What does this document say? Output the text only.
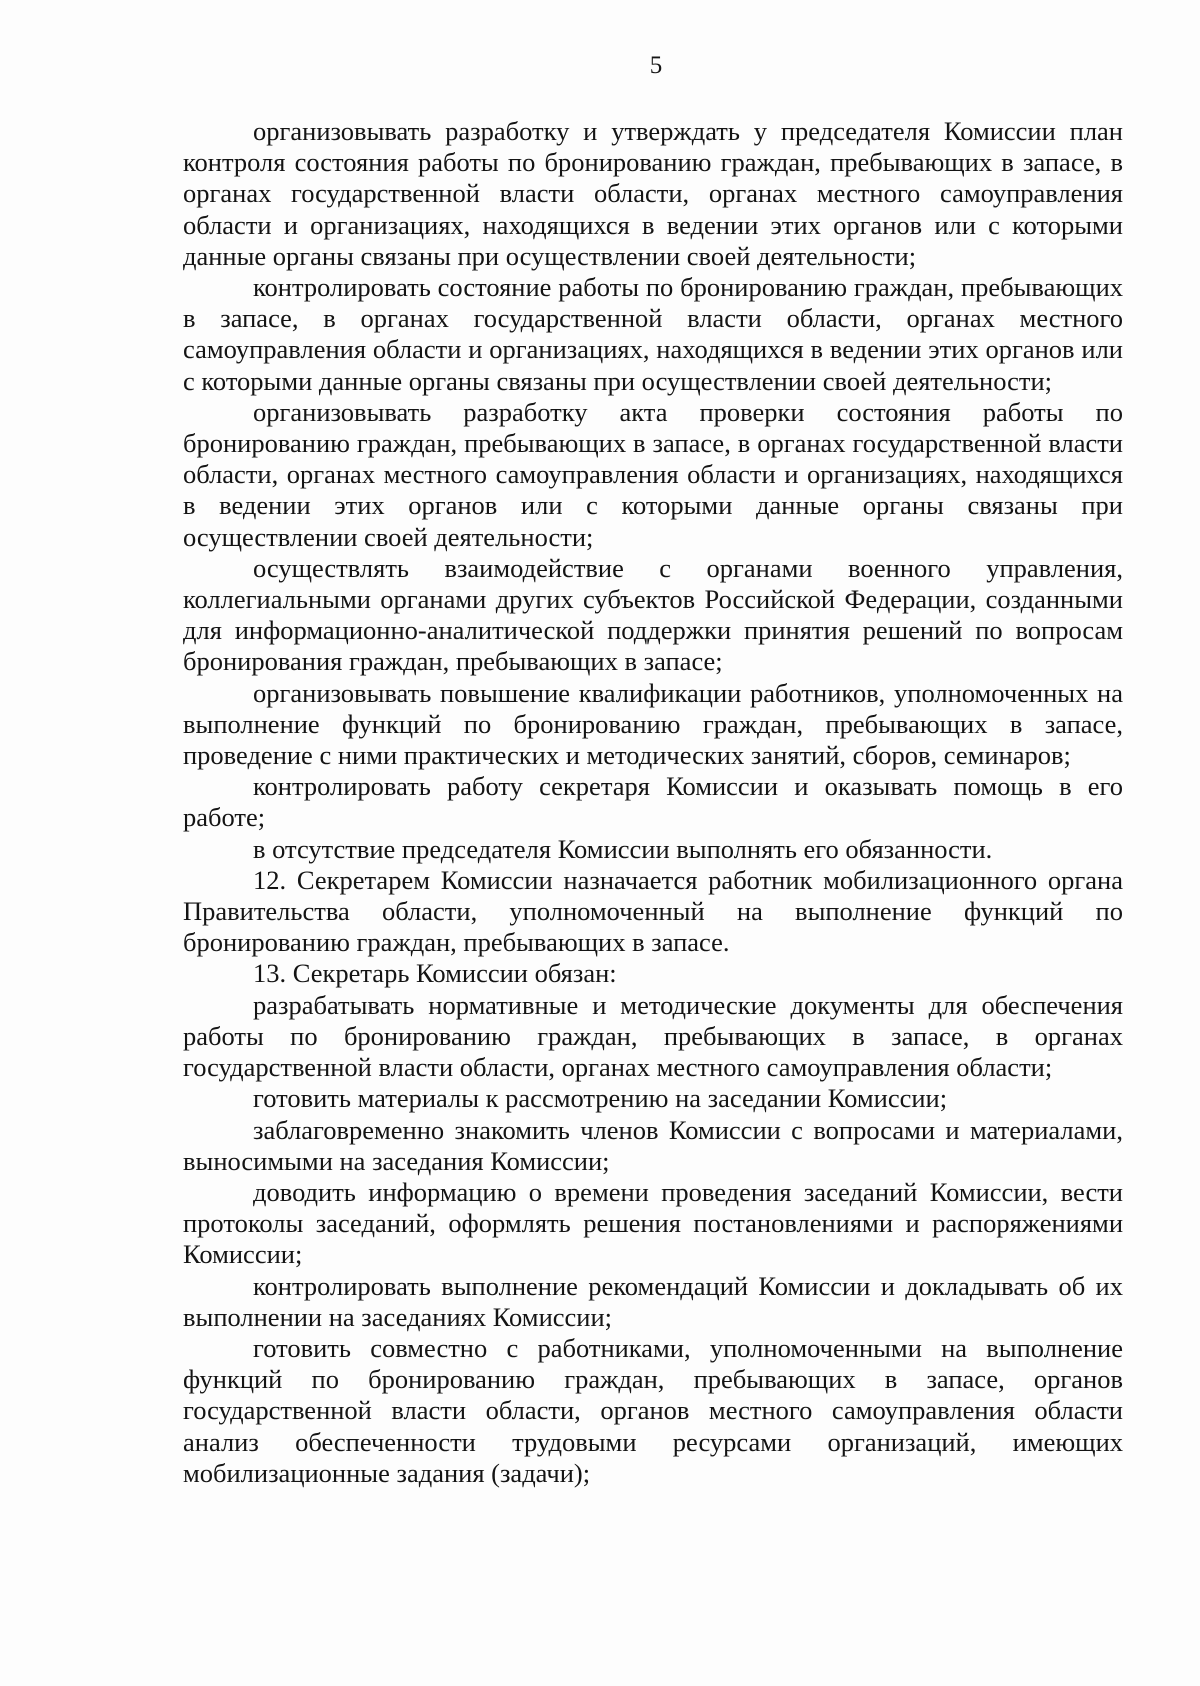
5

организовывать разработку и утверждать у председателя Комиссии план контроля состояния работы по бронированию граждан, пребывающих в запасе, в органах государственной власти области, органах местного самоуправления области и организациях, находящихся в ведении этих органов или с которыми данные органы связаны при осуществлении своей деятельности;

контролировать состояние работы по бронированию граждан, пребывающих в запасе, в органах государственной власти области, органах местного самоуправления области и организациях, находящихся в ведении этих органов или с которыми данные органы связаны при осуществлении своей деятельности;

организовывать разработку акта проверки состояния работы по бронированию граждан, пребывающих в запасе, в органах государственной власти области, органах местного самоуправления области и организациях, находящихся в ведении этих органов или с которыми данные органы связаны при осуществлении своей деятельности;

осуществлять взаимодействие с органами военного управления, коллегиальными органами других субъектов Российской Федерации, созданными для информационно-аналитической поддержки принятия решений по вопросам бронирования граждан, пребывающих в запасе;

организовывать повышение квалификации работников, уполномоченных на выполнение функций по бронированию граждан, пребывающих в запасе, проведение с ними практических и методических занятий, сборов, семинаров;

контролировать работу секретаря Комиссии и оказывать помощь в его работе;

в отсутствие председателя Комиссии выполнять его обязанности.

12. Секретарем Комиссии назначается работник мобилизационного органа Правительства области, уполномоченный на выполнение функций по бронированию граждан, пребывающих в запасе.

13. Секретарь Комиссии обязан:

разрабатывать нормативные и методические документы для обеспечения работы по бронированию граждан, пребывающих в запасе, в органах государственной власти области, органах местного самоуправления области;

готовить материалы к рассмотрению на заседании Комиссии;

заблаговременно знакомить членов Комиссии с вопросами и материалами, выносимыми на заседания Комиссии;

доводить информацию о времени проведения заседаний Комиссии, вести протоколы заседаний, оформлять решения постановлениями и распоряжениями Комиссии;

контролировать выполнение рекомендаций Комиссии и докладывать об их выполнении на заседаниях Комиссии;

готовить совместно с работниками, уполномоченными на выполнение функций по бронированию граждан, пребывающих в запасе, органов государственной власти области, органов местного самоуправления области анализ обеспеченности трудовыми ресурсами организаций, имеющих мобилизационные задания (задачи);
